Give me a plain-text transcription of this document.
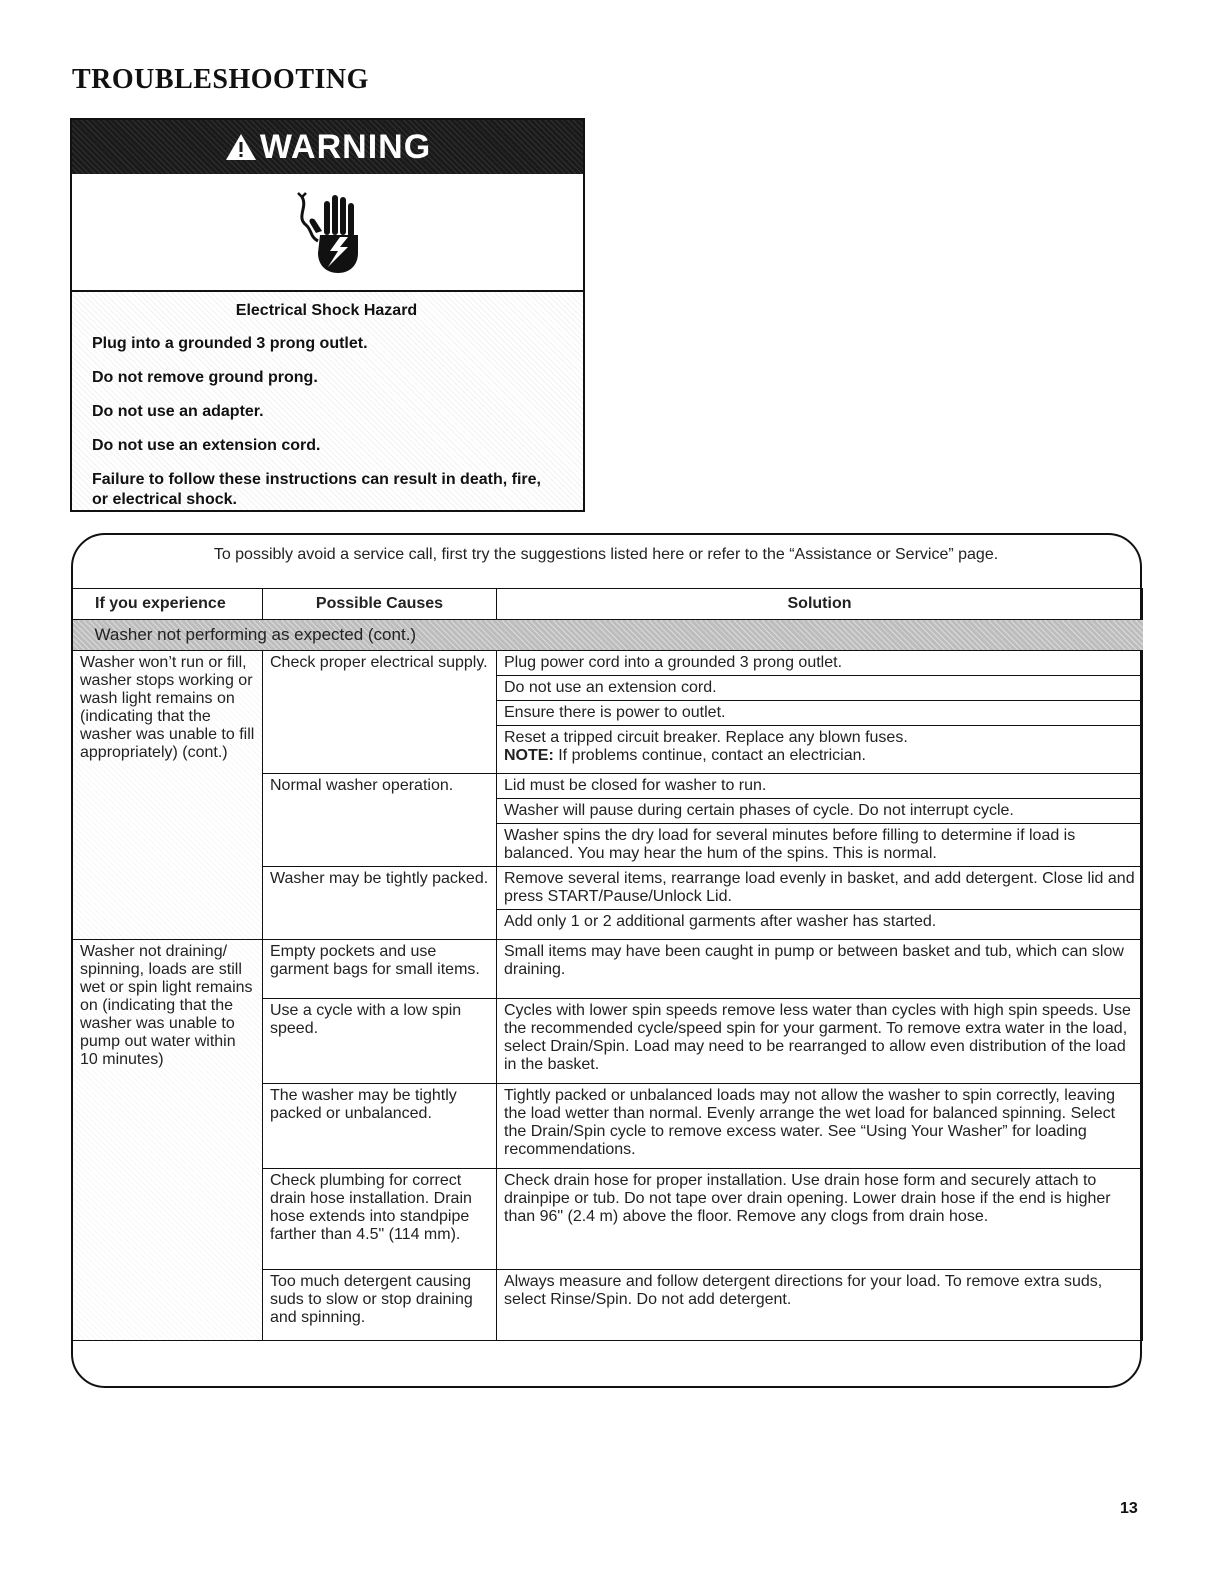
TROUBLESHOOTING
WARNING
Electrical Shock Hazard
Plug into a grounded 3 prong outlet.
Do not remove ground prong.
Do not use an adapter.
Do not use an extension cord.
Failure to follow these instructions can result in death, fire, or electrical shock.
To possibly avoid a service call, first try the suggestions listed here or refer to the “Assistance or Service” page.
If you experience	Possible Causes	Solution
Washer not performing as expected (cont.)		
Washer won’t run or fill, washer stops working or wash light remains on (indicating that the washer was unable to fill appropriately) (cont.)	Check proper electrical supply.	Plug power cord into a grounded 3 prong outlet.
		Do not use an extension cord.
		Ensure there is power to outlet.

		Reset a tripped circuit breaker. Replace any blown fuses.
NOTE: If problems continue, contact an electrician.

	Normal washer operation.	Lid must be closed for washer to run.
		Washer will pause during certain phases of cycle. Do not interrupt cycle.
		Washer spins the dry load for several minutes before filling to determine if load is balanced. You may hear the hum of the spins. This is normal.
	Washer may be tightly packed.	Remove several items, rearrange load evenly in basket, and add detergent. Close lid and press START/Pause/Unlock Lid.
		Add only 1 or 2 additional garments after washer has started.
Washer not draining/ spinning, loads are still wet or spin light remains on (indicating that the washer was unable to pump out water within 10 minutes)	Empty pockets and use garment bags for small items.	Small items may have been caught in pump or between basket and tub, which can slow draining.
	Use a cycle with a low spin speed.	Cycles with lower spin speeds remove less water than cycles with high spin speeds. Use the recommended cycle/speed spin for your garment. To remove extra water in the load, select Drain/Spin. Load may need to be rearranged to allow even distribution of the load in the basket.
	The washer may be tightly packed or unbalanced.	Tightly packed or unbalanced loads may not allow the washer to spin correctly, leaving the load wetter than normal. Evenly arrange the wet load for balanced spinning. Select the Drain/Spin cycle to remove excess water. See “Using Your Washer” for loading recommendations.
	Check plumbing for correct drain hose installation. Drain hose extends into standpipe farther than 4.5" (114 mm).	Check drain hose for proper installation. Use drain hose form and securely attach to drainpipe or tub. Do not tape over drain opening. Lower drain hose if the end is higher than 96" (2.4 m) above the floor. Remove any clogs from drain hose.
	Too much detergent causing suds to slow or stop draining and spinning.	Always measure and follow detergent directions for your load. To remove extra suds, select Rinse/Spin. Do not add detergent.
13
